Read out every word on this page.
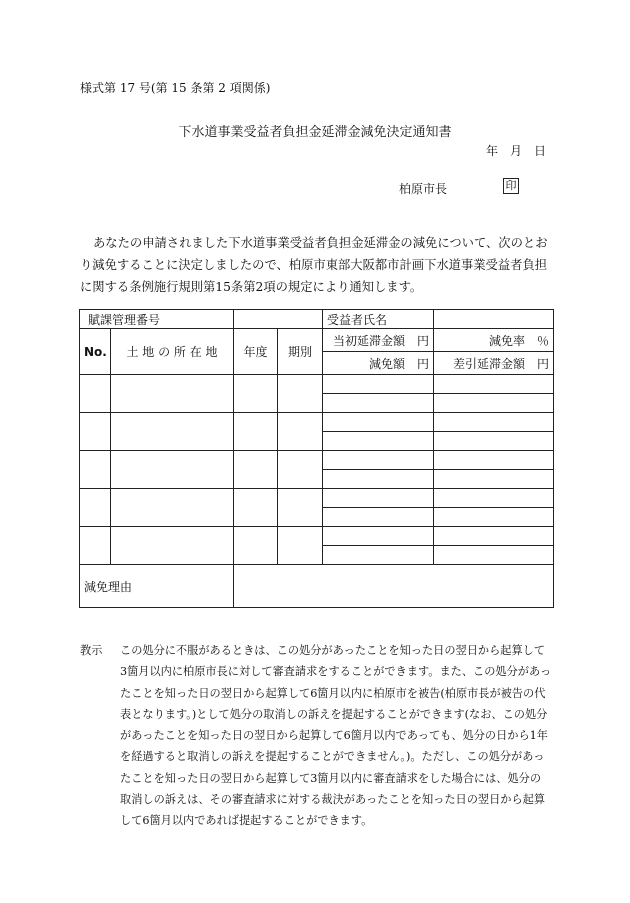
様式第 17 号(第 15 条第 2 項関係)
下水道事業受益者負担金延滞金減免決定通知書
年　月　日
柏原市長	印
あなたの申請されました下水道事業受益者負担金延滞金の減免について、次のとおり減免することに決定しましたので、柏原市東部大阪都市計画下水道事業受益者負担に関する条例施行規則第15条第2項の規定により通知します。
賦課管理番号				受益者氏名	
No.	土 地 の 所 在 地	年度	期別	当初延滞金額　円	減免率　％
				減免額　円	差引延滞金額　円

減免理由					
教示 この処分に不服があるときは、この処分があったことを知った日の翌日から起算して3箇月以内に柏原市長に対して審査請求をすることができます。また、この処分があったことを知った日の翌日から起算して6箇月以内に柏原市を被告(柏原市長が被告の代表となります。)として処分の取消しの訴えを提起することができます(なお、この処分があったことを知った日の翌日から起算して6箇月以内であっても、処分の日から1年を経過すると取消しの訴えを提起することができません。)。ただし、この処分があったことを知った日の翌日から起算して3箇月以内に審査請求をした場合には、処分の取消しの訴えは、その審査請求に対する裁決があったことを知った日の翌日から起算して6箇月以内であれば提起することができます。
